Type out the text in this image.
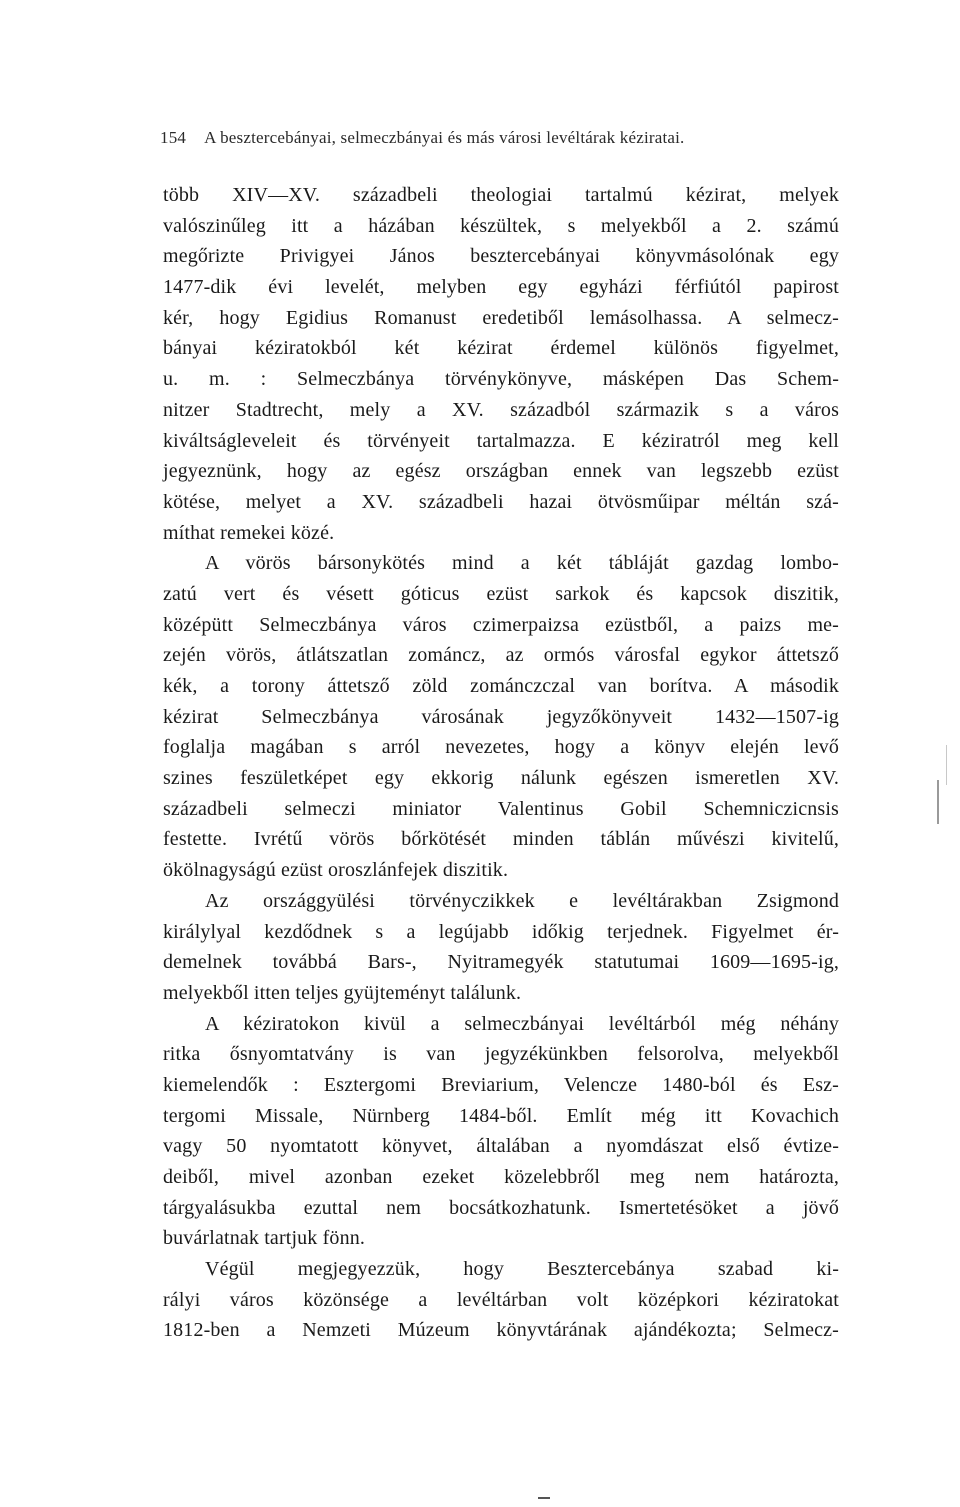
154 A besztercebányai, selmeczbányai és más városi levéltárak kéziratai.
több XIV—XV. századbeli theologiai tartalmú kézirat, melyek
valószinűleg itt a házában készültek, s melyekből a 2. számú
megőrizte Privigyei János besztercebányai könyvmásolónak egy
1477-dik évi levelét, melyben egy egyházi férfiútól papirost
kér, hogy Egidius Romanust eredetiből lemásolhassa. A selmecz-
bányai kéziratokból két kézirat érdemel különös figyelmet,
u. m. : Selmeczbánya törvénykönyve, másképen Das Schem-
nitzer Stadtrecht, mely a XV. századból származik s a város
kiváltságleveleit és törvényeit tartalmazza. E kéziratról meg kell
jegyeznünk, hogy az egész országban ennek van legszebb ezüst
kötése, melyet a XV. századbeli hazai ötvösműipar méltán szá-
míthat remekei közé.
A vörös bársonykötés mind a két tábláját gazdag lombo-
zatú vert és vésett góticus ezüst sarkok és kapcsok diszitik,
középütt Selmeczbánya város czimerpaizsa ezüstből, a paizs me-
zején vörös, átlátszatlan zománcz, az ormós városfal egykor áttetsző
kék, a torony áttetsző zöld zománczczal van borítva. A második
kézirat Selmeczbánya városának jegyzőkönyveit 1432—1507-ig
foglalja magában s arról nevezetes, hogy a könyv elején levő
szines feszületképet egy ekkorig nálunk egészen ismeretlen XV.
századbeli selmeczi miniator Valentinus Gobil Schemniczicnsis
festette. Ivrétű vörös bőrkötését minden táblán művészi kivitelű,
ökölnagyságú ezüst oroszlánfejek diszitik.
Az országgyülési törvényczikkek e levéltárakban Zsigmond
királylyal kezdődnek s a legújabb időkig terjednek. Figyelmet ér-
demelnek továbbá Bars-, Nyitramegyék statutumai 1609—1695-ig,
melyekből itten teljes gyüjteményt találunk.
A kéziratokon kivül a selmeczbányai levéltárból még néhány
ritka ősnyomtatvány is van jegyzékünkben felsorolva, melyekből
kiemelendők : Esztergomi Breviarium, Velencze 1480-ból és Esz-
tergomi Missale, Nürnberg 1484-ből. Említ még itt Kovachich
vagy 50 nyomtatott könyvet, általában a nyomdászat első évtize-
deiből, mivel azonban ezeket közelebbről meg nem határozta,
tárgyalásukba ezuttal nem bocsátkozhatunk. Ismertetésöket a jövő
buvárlatnak tartjuk fönn.
Végül megjegyezzük, hogy Besztercebánya szabad ki-
rályi város közönsége a levéltárban volt középkori kéziratokat
1812-ben a Nemzeti Múzeum könyvtárának ajándékozta; Selmecz-
